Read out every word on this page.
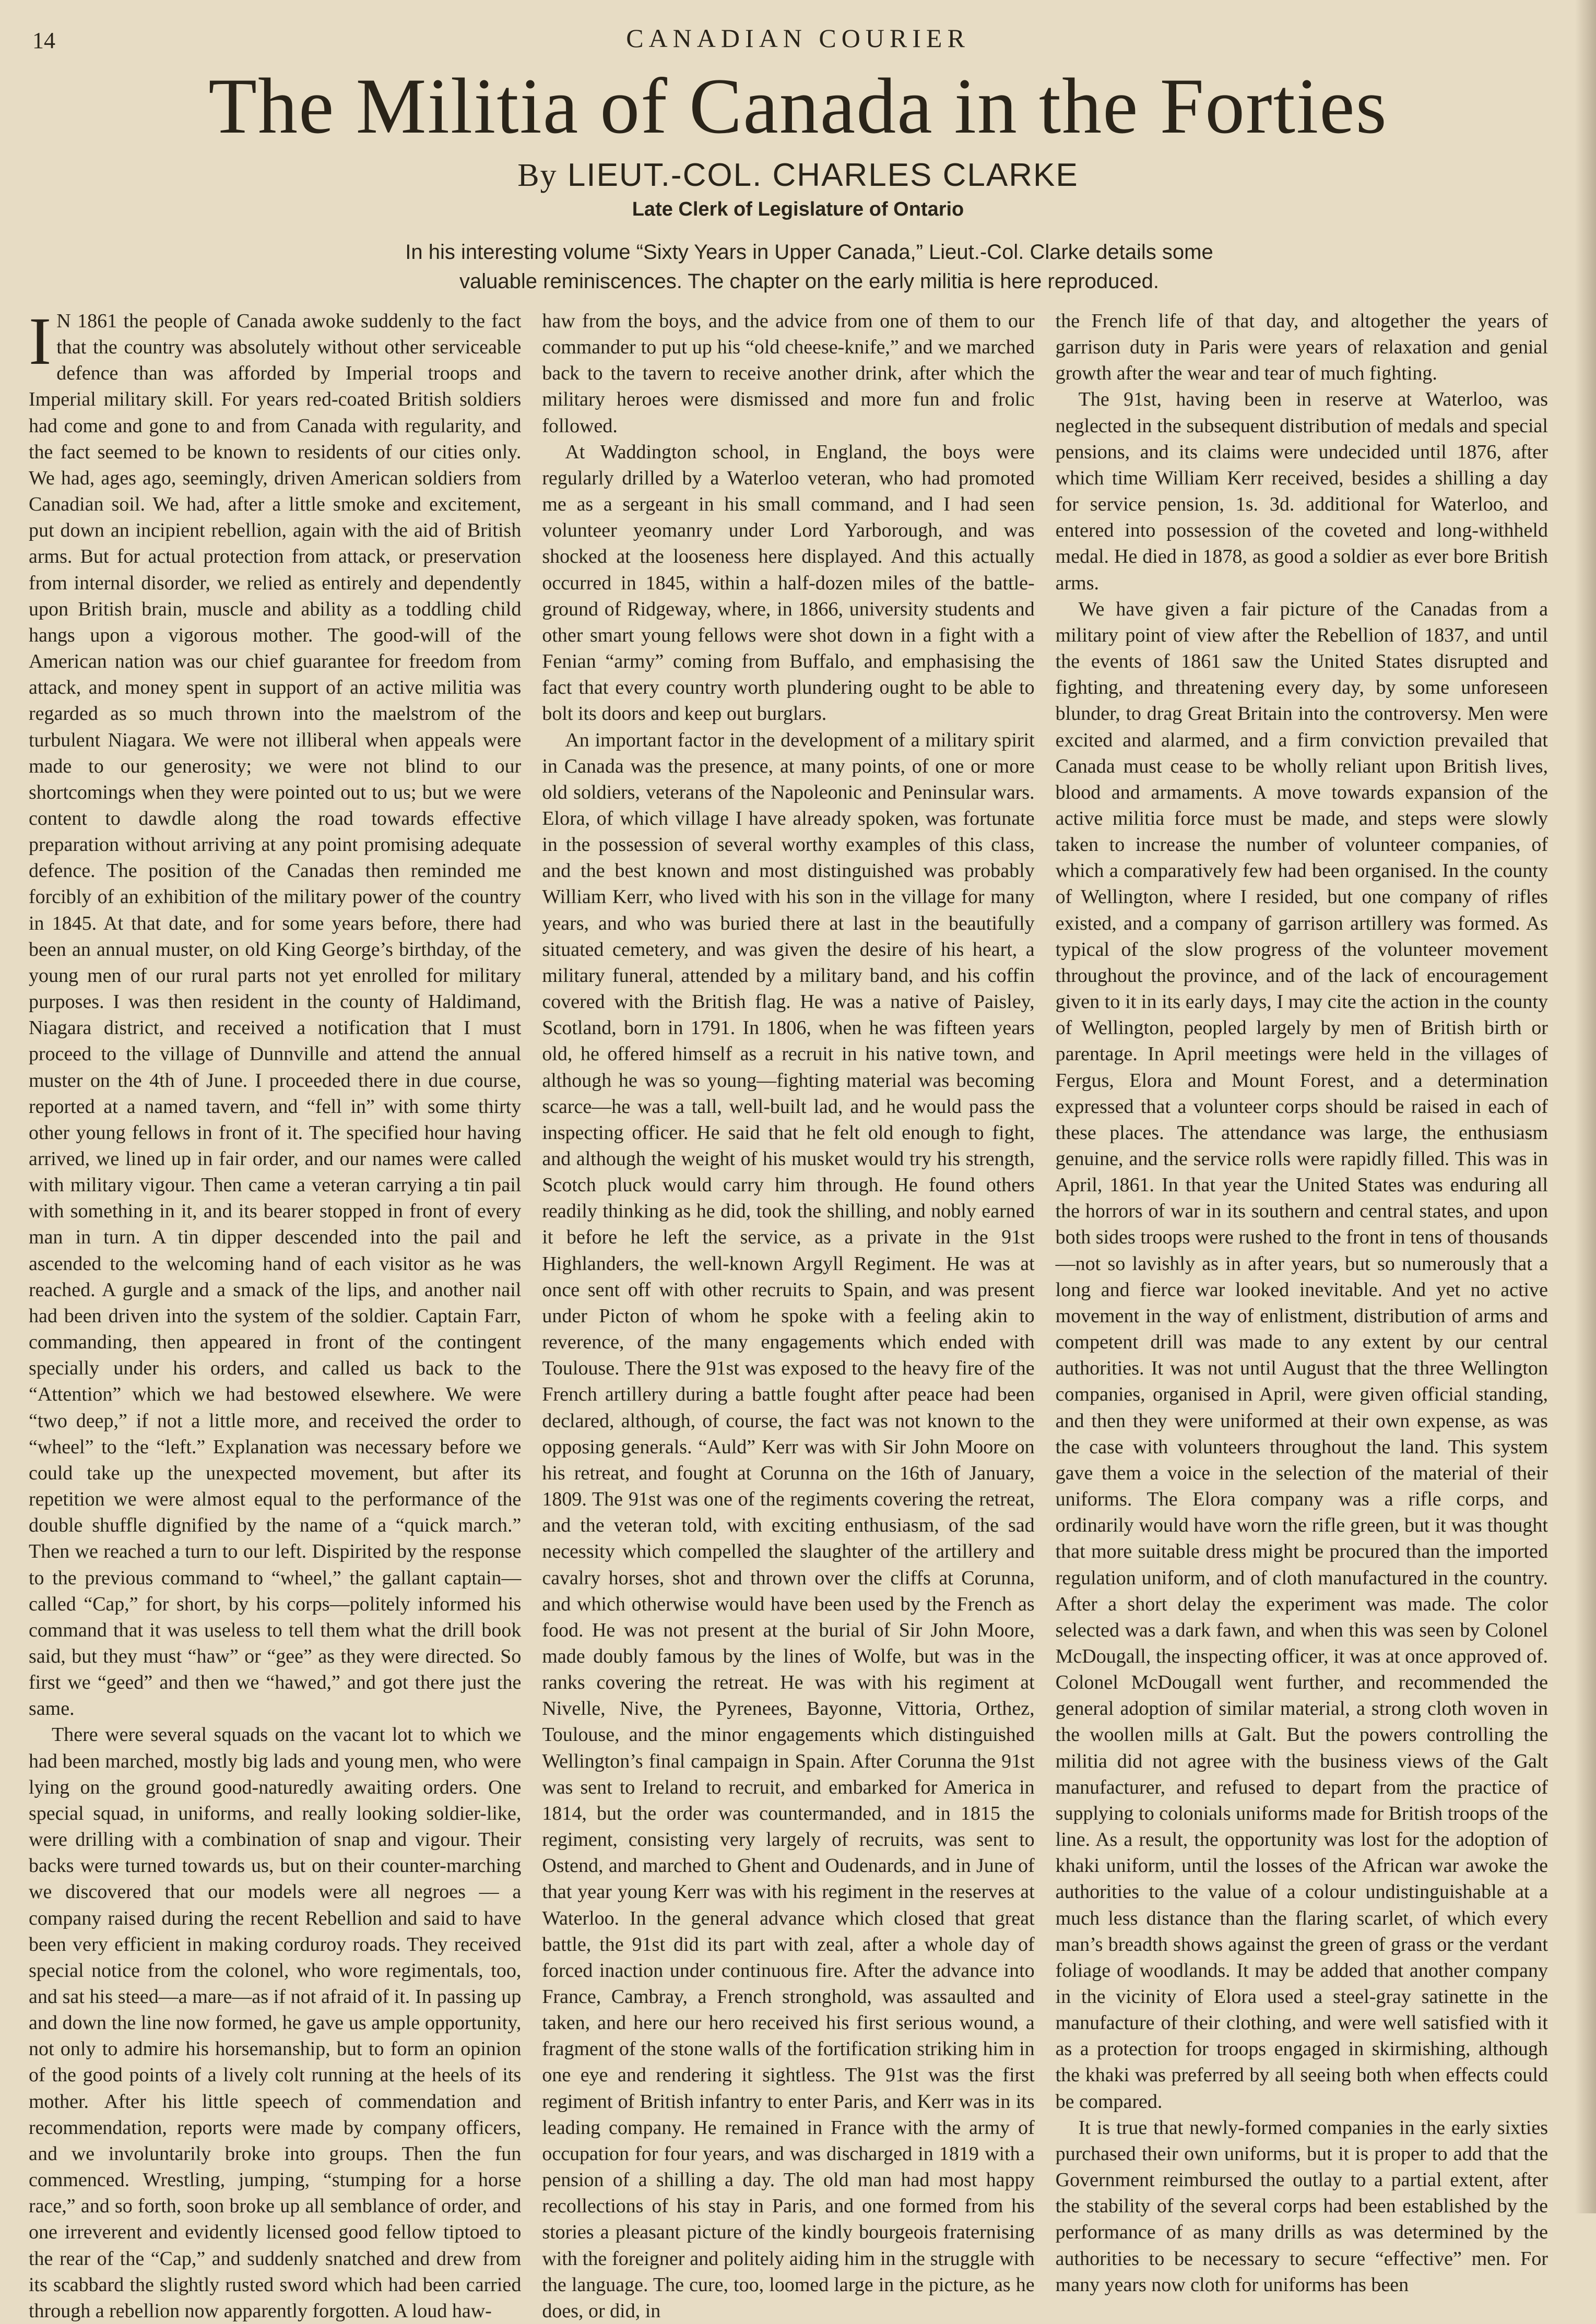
14	CANADIAN COURIER
The Militia of Canada in the Forties
By LIEUT.-COL. CHARLES CLARKE
Late Clerk of Legislature of Ontario
In his interesting volume “Sixty Years in Upper Canada,” Lieut.-Col. Clarke details some valuable reminiscences. The chapter on the early militia is here reproduced.

I N 1861 the people of Canada awoke suddenly to the fact that the country was absolutely without other serviceable defence than was afforded by Imperial troops and Imperial military skill. For years red-coated British soldiers had come and gone to and from Canada with regularity, and the fact seemed to be known to residents of our cities only. We had, ages ago, seemingly, driven American soldiers from Canadian soil. We had, after a little smoke and excitement, put down an incipient rebellion, again with the aid of British arms. But for actual protection from attack, or preservation from internal disorder, we relied as entirely and dependently upon British brain, muscle and ability as a toddling child hangs upon a vigorous mother. The good-will of the American nation was our chief guarantee for freedom from attack, and money spent in support of an active militia was regarded as so much thrown into the maelstrom of the turbulent Niagara. We were not illiberal when appeals were made to our generosity; we were not blind to our shortcomings when they were pointed out to us; but we were content to dawdle along the road towards effective preparation without arriving at any point promising adequate defence. The position of the Canadas then reminded me forcibly of an exhibition of the military power of the country in 1845. At that date, and for some years before, there had been an annual muster, on old King George’s birthday, of the young men of our rural parts not yet enrolled for military purposes. I was then resident in the county of Haldimand, Niagara district, and received a notification that I must proceed to the village of Dunnville and attend the annual muster on the 4th of June. I proceeded there in due course, reported at a named tavern, and “fell in” with some thirty other young fellows in front of it. The specified hour having arrived, we lined up in fair order, and our names were called with military vigour. Then came a veteran carrying a tin pail with something in it, and its bearer stopped in front of every man in turn. A tin dipper descended into the pail and ascended to the welcoming hand of each visitor as he was reached. A gurgle and a smack of the lips, and another nail had been driven into the system of the soldier. Captain Farr, commanding, then appeared in front of the contingent specially under his orders, and called us back to the “Attention” which we had bestowed elsewhere. We were “two deep,” if not a little more, and received the order to “wheel” to the “left.” Explanation was necessary before we could take up the unexpected movement, but after its repetition we were almost equal to the performance of the double shuffle dignified by the name of a “quick march.” Then we reached a turn to our left. Dispirited by the response to the previous command to “wheel,” the gallant captain—called “Cap,” for short, by his corps—politely informed his command that it was useless to tell them what the drill book said, but they must “haw” or “gee” as they were directed. So first we “geed” and then we “hawed,” and got there just the same.

There were several squads on the vacant lot to which we had been marched, mostly big lads and young men, who were lying on the ground good-naturedly awaiting orders. One special squad, in uniforms, and really looking soldier-like, were drilling with a combination of snap and vigour. Their backs were turned towards us, but on their counter-marching we discovered that our models were all negroes — a company raised during the recent Rebellion and said to have been very efficient in making corduroy roads. They received special notice from the colonel, who wore regimentals, too, and sat his steed—a mare—as if not afraid of it. In passing up and down the line now formed, he gave us ample opportunity, not only to admire his horsemanship, but to form an opinion of the good points of a lively colt running at the heels of its mother. After his little speech of commendation and recommendation, reports were made by company officers, and we involuntarily broke into groups. Then the fun commenced. Wrestling, jumping, “stumping for a horse race,” and so forth, soon broke up all semblance of order, and one irreverent and evidently licensed good fellow tiptoed to the rear of the “Cap,” and suddenly snatched and drew from its scabbard the slightly rusted sword which had been carried through a rebellion now apparently forgotten. A loud haw-

haw from the boys, and the advice from one of them to our commander to put up his “old cheese-knife,” and we marched back to the tavern to receive another drink, after which the military heroes were dismissed and more fun and frolic followed.

At Waddington school, in England, the boys were regularly drilled by a Waterloo veteran, who had promoted me as a sergeant in his small command, and I had seen volunteer yeomanry under Lord Yarborough, and was shocked at the looseness here displayed. And this actually occurred in 1845, within a half-dozen miles of the battle-ground of Ridgeway, where, in 1866, university students and other smart young fellows were shot down in a fight with a Fenian “army” coming from Buffalo, and emphasising the fact that every country worth plundering ought to be able to bolt its doors and keep out burglars.

An important factor in the development of a military spirit in Canada was the presence, at many points, of one or more old soldiers, veterans of the Napoleonic and Peninsular wars. Elora, of which village I have already spoken, was fortunate in the possession of several worthy examples of this class, and the best known and most distinguished was probably William Kerr, who lived with his son in the village for many years, and who was buried there at last in the beautifully situated cemetery, and was given the desire of his heart, a military funeral, attended by a military band, and his coffin covered with the British flag. He was a native of Paisley, Scotland, born in 1791. In 1806, when he was fifteen years old, he offered himself as a recruit in his native town, and although he was so young—fighting material was becoming scarce—he was a tall, well-built lad, and he would pass the inspecting officer. He said that he felt old enough to fight, and although the weight of his musket would try his strength, Scotch pluck would carry him through. He found others readily thinking as he did, took the shilling, and nobly earned it before he left the service, as a private in the 91st Highlanders, the well-known Argyll Regiment. He was at once sent off with other recruits to Spain, and was present under Picton of whom he spoke with a feeling akin to reverence, of the many engagements which ended with Toulouse. There the 91st was exposed to the heavy fire of the French artillery during a battle fought after peace had been declared, although, of course, the fact was not known to the opposing generals. “Auld” Kerr was with Sir John Moore on his retreat, and fought at Corunna on the 16th of January, 1809. The 91st was one of the regiments covering the retreat, and the veteran told, with exciting enthusiasm, of the sad necessity which compelled the slaughter of the artillery and cavalry horses, shot and thrown over the cliffs at Corunna, and which otherwise would have been used by the French as food. He was not present at the burial of Sir John Moore, made doubly famous by the lines of Wolfe, but was in the ranks covering the retreat. He was with his regiment at Nivelle, Nive, the Pyrenees, Bayonne, Vittoria, Orthez, Toulouse, and the minor engagements which distinguished Wellington’s final campaign in Spain. After Corunna the 91st was sent to Ireland to recruit, and embarked for America in 1814, but the order was countermanded, and in 1815 the regiment, consisting very largely of recruits, was sent to Ostend, and marched to Ghent and Oudenards, and in June of that year young Kerr was with his regiment in the reserves at Waterloo. In the general advance which closed that great battle, the 91st did its part with zeal, after a whole day of forced inaction under continuous fire. After the advance into France, Cambray, a French stronghold, was assaulted and taken, and here our hero received his first serious wound, a fragment of the stone walls of the fortification striking him in one eye and rendering it sightless. The 91st was the first regiment of British infantry to enter Paris, and Kerr was in its leading company. He remained in France with the army of occupation for four years, and was discharged in 1819 with a pension of a shilling a day. The old man had most happy recollections of his stay in Paris, and one formed from his stories a pleasant picture of the kindly bourgeois fraternising with the foreigner and politely aiding him in the struggle with the language. The cure, too, loomed large in the picture, as he does, or did, in

the French life of that day, and altogether the years of garrison duty in Paris were years of relaxation and genial growth after the wear and tear of much fighting.

The 91st, having been in reserve at Waterloo, was neglected in the subsequent distribution of medals and special pensions, and its claims were undecided until 1876, after which time William Kerr received, besides a shilling a day for service pension, 1s. 3d. additional for Waterloo, and entered into possession of the coveted and long-withheld medal. He died in 1878, as good a soldier as ever bore British arms.

We have given a fair picture of the Canadas from a military point of view after the Rebellion of 1837, and until the events of 1861 saw the United States disrupted and fighting, and threatening every day, by some unforeseen blunder, to drag Great Britain into the controversy. Men were excited and alarmed, and a firm conviction prevailed that Canada must cease to be wholly reliant upon British lives, blood and armaments. A move towards expansion of the active militia force must be made, and steps were slowly taken to increase the number of volunteer companies, of which a comparatively few had been organised. In the county of Wellington, where I resided, but one company of rifles existed, and a company of garrison artillery was formed. As typical of the slow progress of the volunteer movement throughout the province, and of the lack of encouragement given to it in its early days, I may cite the action in the county of Wellington, peopled largely by men of British birth or parentage. In April meetings were held in the villages of Fergus, Elora and Mount Forest, and a determination expressed that a volunteer corps should be raised in each of these places. The attendance was large, the enthusiasm genuine, and the service rolls were rapidly filled. This was in April, 1861. In that year the United States was enduring all the horrors of war in its southern and central states, and upon both sides troops were rushed to the front in tens of thousands—not so lavishly as in after years, but so numerously that a long and fierce war looked inevitable. And yet no active movement in the way of enlistment, distribution of arms and competent drill was made to any extent by our central authorities. It was not until August that the three Wellington companies, organised in April, were given official standing, and then they were uniformed at their own expense, as was the case with volunteers throughout the land. This system gave them a voice in the selection of the material of their uniforms. The Elora company was a rifle corps, and ordinarily would have worn the rifle green, but it was thought that more suitable dress might be procured than the imported regulation uniform, and of cloth manufactured in the country. After a short delay the experiment was made. The color selected was a dark fawn, and when this was seen by Colonel McDougall, the inspecting officer, it was at once approved of. Colonel McDougall went further, and recommended the general adoption of similar material, a strong cloth woven in the woollen mills at Galt. But the powers controlling the militia did not agree with the business views of the Galt manufacturer, and refused to depart from the practice of supplying to colonials uniforms made for British troops of the line. As a result, the opportunity was lost for the adoption of khaki uniform, until the losses of the African war awoke the authorities to the value of a colour undistinguishable at a much less distance than the flaring scarlet, of which every man’s breadth shows against the green of grass or the verdant foliage of woodlands. It may be added that another company in the vicinity of Elora used a steel-gray satinette in the manufacture of their clothing, and were well satisfied with it as a protection for troops engaged in skirmishing, although the khaki was preferred by all seeing both when effects could be compared.

It is true that newly-formed companies in the early sixties purchased their own uniforms, but it is proper to add that the Government reimbursed the outlay to a partial extent, after the stability of the several corps had been established by the performance of as many drills as was determined by the authorities to be necessary to secure “effective” men. For many years now cloth for uniforms has been
